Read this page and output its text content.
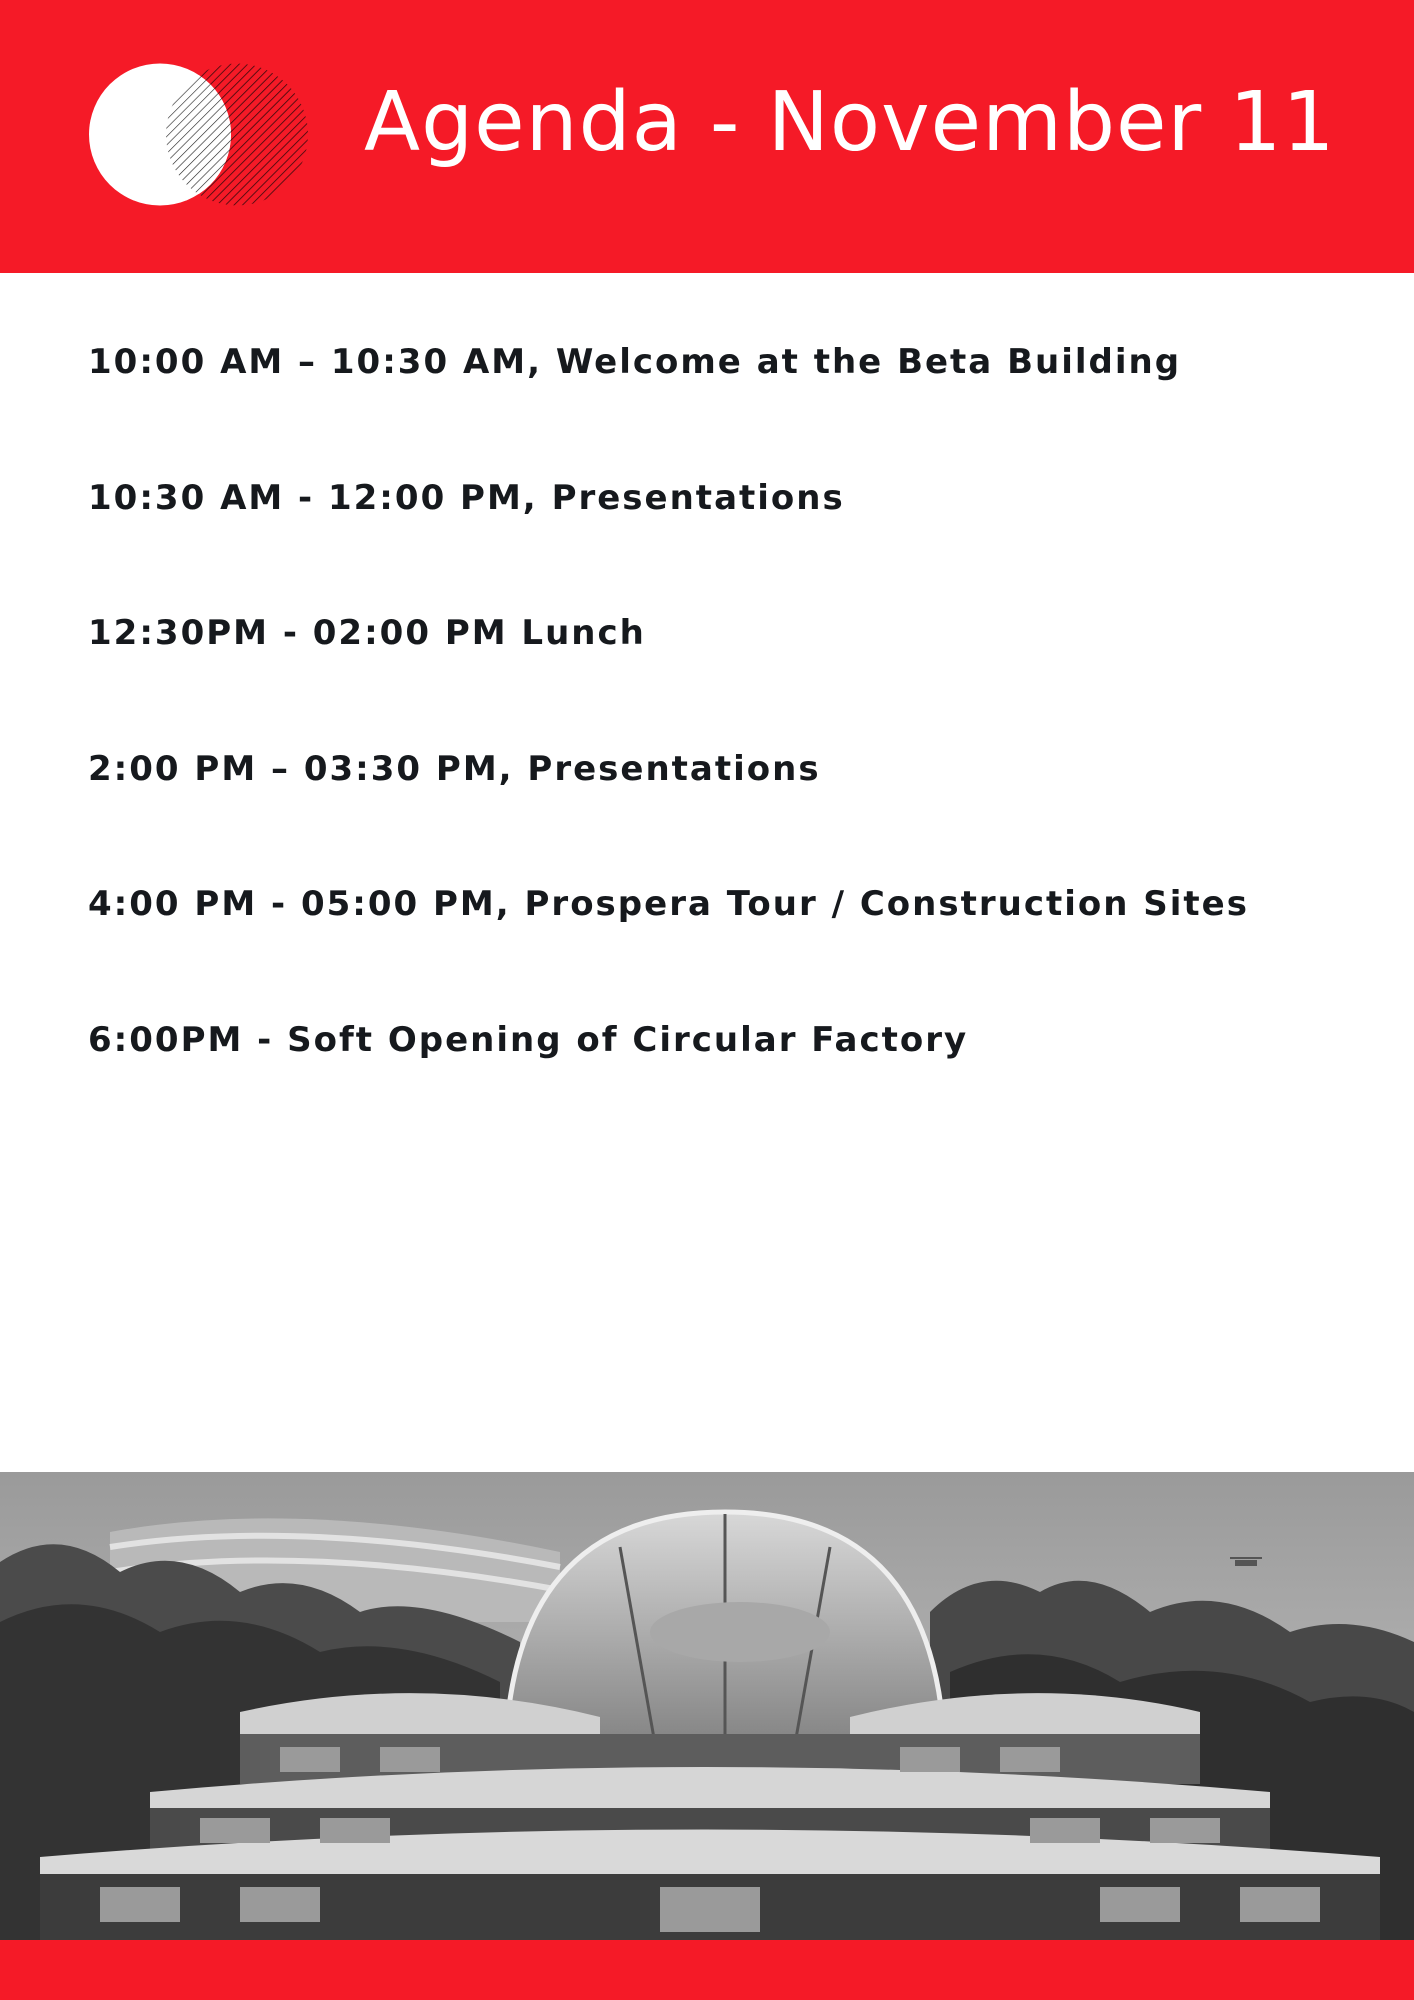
Agenda - November 11
10:00 AM – 10:30 AM, Welcome at the Beta Building
10:30 AM - 12:00 PM, Presentations
12:30PM - 02:00 PM Lunch
2:00 PM – 03:30 PM, Presentations
4:00 PM - 05:00 PM, Prospera Tour ∕ Construction Sites
6:00PM - Soft Opening of Circular Factory
